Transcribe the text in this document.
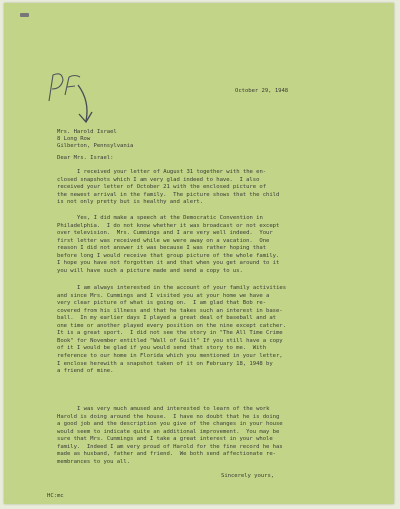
October 29, 1948
Mrs. Harold Israel
8 Long Row
Gilberton, Pennsylvania
Dear Mrs. Israel:
I received your letter of August 31 together with the en-
closed snapshots which I am very glad indeed to have.  I also
received your letter of October 21 with the enclosed picture of
the newest arrival in the family.  The picture shows that the child
is not only pretty but is healthy and alert.
Yes, I did make a speech at the Democratic Convention in
Philadelphia.  I do not know whether it was broadcast or not except
over television.  Mrs. Cummings and I are very well indeed.  Your
first letter was received while we were away on a vacation.  One
reason I did not answer it was because I was rather hoping that
before long I would receive that group picture of the whole family.
I hope you have not forgotten it and that when you get around to it
you will have such a picture made and send a copy to us.
I am always interested in the account of your family activities
and since Mrs. Cummings and I visited you at your home we have a
very clear picture of what is going on.  I am glad that Bob re-
covered from his illness and that he takes such an interest in base-
ball.  In my earlier days I played a great deal of baseball and at
one time or another played every position on the nine except catcher.
It is a great sport.  I did not see the story in "The All Time Crime
Book" for November entitled "Wall of Guilt" If you still have a copy
of it I would be glad if you would send that story to me.  With
reference to our home in Florida which you mentioned in your letter,
I enclose herewith a snapshot taken of it on February 18, 1948 by
a friend of mine.
I was very much amused and interested to learn of the work
Harold is doing around the house.  I have no doubt that he is doing
a good job and the description you give of the changes in your house
would seem to indicate quite an additional improvement.  You may be
sure that Mrs. Cummings and I take a great interest in your whole
family.  Indeed I am very proud of Harold for the fine record he has
made as husband, father and friend.  We both send affectionate re-
membrances to you all.
Sincerely yours,
HC:mc
